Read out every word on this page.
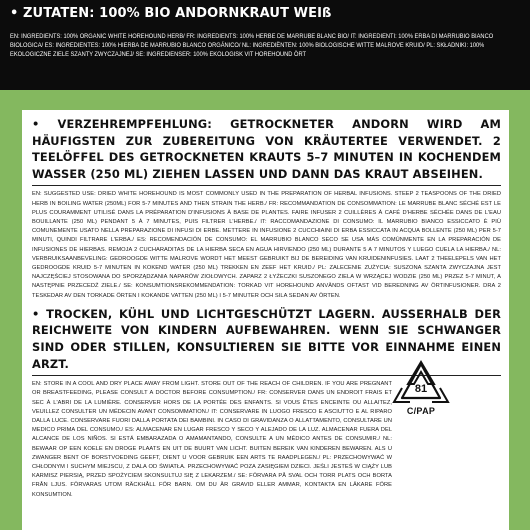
• ZUTATEN: 100% BIO ANDORNKRAUT WEIß
EN: INGREDIENTS: 100% ORGANIC WHITE HOREHOUND HERB/ FR: INGREDIENTS: 100% HERBE DE MARRUBE BLANC BIO/ IT: INGREDIENTI: 100% ERBA DI MARRUBIO BIANCO BIOLOGICA/ ES: INGREDIENTES: 100% HIERBA DE MARRUBIO BLANCO ORGÁNICO/ NL: INGREDIËNTEN: 100% BIOLOGISCHE WITTE MALROVE KRUID/ PL: SKŁADNIKI: 100% EKOLOGICZNE ZIELE SZANTY ZWYCZAJNEJ/ SE: INGREDIENSER: 100% EKOLOGISK VIT HOREHOUND ÖRT
• VERZEHREMPFEHLUNG: GETROCKNETER ANDORN WIRD AM HÄUFIGSTEN ZUR ZUBEREITUNG VON KRÄUTERTEE VERWENDET. 2 TEELÖFFEL DES GETROCKNETEN KRAUTS 5–7 MINUTEN IN KOCHENDEM WASSER (250 ML) ZIEHEN LASSEN UND DANN DAS KRAUT ABSEIHEN.
EN: SUGGESTED USE: DRIED WHITE HOREHOUND IS MOST COMMONLY USED IN THE PREPARATION OF HERBAL INFUSIONS. STEEP 2 TEASPOONS OF THE DRIED HERB IN BOILING WATER (250ML) FOR 5-7 MINUTES AND THEN STRAIN THE HERB./ FR: RECOMMANDATION DE CONSOMMATION: LE MARRUBE BLANC SÉCHÉ EST LE PLUS COURAMMENT UTILISÉ DANS LA PRÉPARATION D'INFUSIONS À BASE DE PLANTES. FAIRE INFUSER 2 CUILLÈRES À CAFÉ D'HERBE SÉCHÉE DANS DE L'EAU BOUILLANTE (250 ML) PENDANT 5 À 7 MINUTES, PUIS FILTRER L'HERBE./ IT: RACCOMANDAZIONE DI CONSUMO: IL MARRUBIO BIANCO ESSICCATO È PIÙ COMUNEMENTE USATO NELLA PREPARAZIONE DI INFUSI DI ERBE. METTERE IN INFUSIONE 2 CUCCHIAINI DI ERBA ESSICCATA IN ACQUA BOLLENTE (250 ML) PER 5-7 MINUTI, QUINDI FILTRARE L'ERBA./ ES: RECOMENDACIÓN DE CONSUMO: EL MARRUBIO BLANCO SECO SE USA MÁS COMÚNMENTE EN LA PREPARACIÓN DE INFUSIONES DE HIERBAS. REMOJA 2 CUCHARADITAS DE LA HIERBA SECA EN AGUA HIRVIENDO (250 ML) DURANTE 5 A 7 MINUTOS Y LUEGO CUELA LA HIERBA./ NL: VERBRUIKSAANBEVELING: GEDROOGDE WITTE MALROVE WORDT HET MEEST GEBRUIKT BIJ DE BEREIDING VAN KRUIDENINFUSIES. LAAT 2 THEELEPELS VAN HET GEDROOGDE KRUID 5-7 MINUTEN IN KOKEND WATER (250 ML) TREKKEN EN ZEEF HET KRUID./ PL: ZALECENIE ZUŻYCIA: SUSZONA SZANTA ZWYCZAJNA JEST NAJCZĘŚCIEJ STOSOWANA DO SPORZĄDZANIA NAPARÓW ZIOŁOWYCH. ZAPARZ 2 ŁYŻECZKI SUSZONEGO ZIELA W WRZĄCEJ WODZIE (250 ML) PRZEZ 5-7 MINUT, A NASTĘPNIE PRZECEDŹ ZIELE./ SE: KONSUMTIONSREKOMMENDATION: TORKAD VIT HOREHOUND ANVÄNDS OFTAST VID BEREDNING AV ÖRTINFUSIONER. DRA 2 TESKEDAR AV DEN TORKADE ÖRTEN I KOKANDE VATTEN (250 ML) I 5-7 MINUTER OCH SILA SEDAN AV ÖRTEN.
• TROCKEN, KÜHL UND LICHTGESCHÜTZT LAGERN. AUSSERHALB DER REICHWEITE VON KINDERN AUFBEWAHREN. WENN SIE SCHWANGER SIND ODER STILLEN, KONSULTIEREN SIE BITTE VOR EINNAHME EINEN ARZT.
EN: STORE IN A COOL AND DRY PLACE AWAY FROM LIGHT. STORE OUT OF THE REACH OF CHILDREN. IF YOU ARE PREGNANT OR BREASTFEEDING, PLEASE CONSULT A DOCTOR BEFORE CONSUMPTION./ FR: CONSERVER DANS UN ENDROIT FRAIS ET SEC À L'ABRI DE LA LUMIÈRE. CONSERVER HORS DE LA PORTÉE DES ENFANTS. SI VOUS ÊTES ENCEINTE OU ALLAITEZ, VEUILLEZ CONSULTER UN MÉDECIN AVANT CONSOMMATION./ IT: CONSERVARE IN LUOGO FRESCO E ASCIUTTO E AL RIPARO DALLA LUCE. CONSERVARE FUORI DALLA PORTATA DEI BAMBINI. IN CASO DI GRAVIDANZA O ALLATTAMENTO, CONSULTARE UN MEDICO PRIMA DEL CONSUMO./ ES: ALMACENAR EN LUGAR FRESCO Y SECO Y ALEJADO DE LA LUZ. ALMACENAR FUERA DEL ALCANCE DE LOS NIÑOS. SI ESTÁ EMBARAZADA O AMAMANTANDO, CONSULTE A UN MÉDICO ANTES DE CONSUMIR./ NL: BEWAAR OP EEN KOELE EN DROGE PLAATS EN UIT DE BUURT VAN LICHT. BUITEN BEREIK VAN KINDEREN BEWAREN. ALS U ZWANGER BENT OF BORSTVOEDING GEEFT, DIENT U VOOR GEBRUIK EEN ARTS TE RAADPLEGEN./ PL: PRZECHOWYWAĆ W CHŁODNYM I SUCHYM MIEJSCU, Z DALA OD ŚWIATŁA. PRZECHOWYWAĆ POZA ZASIĘGIEM DZIECI. JEŚLI JESTEŚ W CIĄŻY LUB KARMISZ PIERSIĄ, PRZED SPOŻYCIEM SKONSULTUJ SIĘ Z LEKARZEM./ SE: FÖRVARA PÅ SVAL OCH TORR PLATS OCH BORTA FRÅN LJUS. FÖRVARAS UTOM RÄCKHÅLL FÖR BARN. OM DU ÄR GRAVID ELLER AMMAR, KONTAKTA EN LÄKARE FÖRE KONSUMTION.
81
C/PAP
